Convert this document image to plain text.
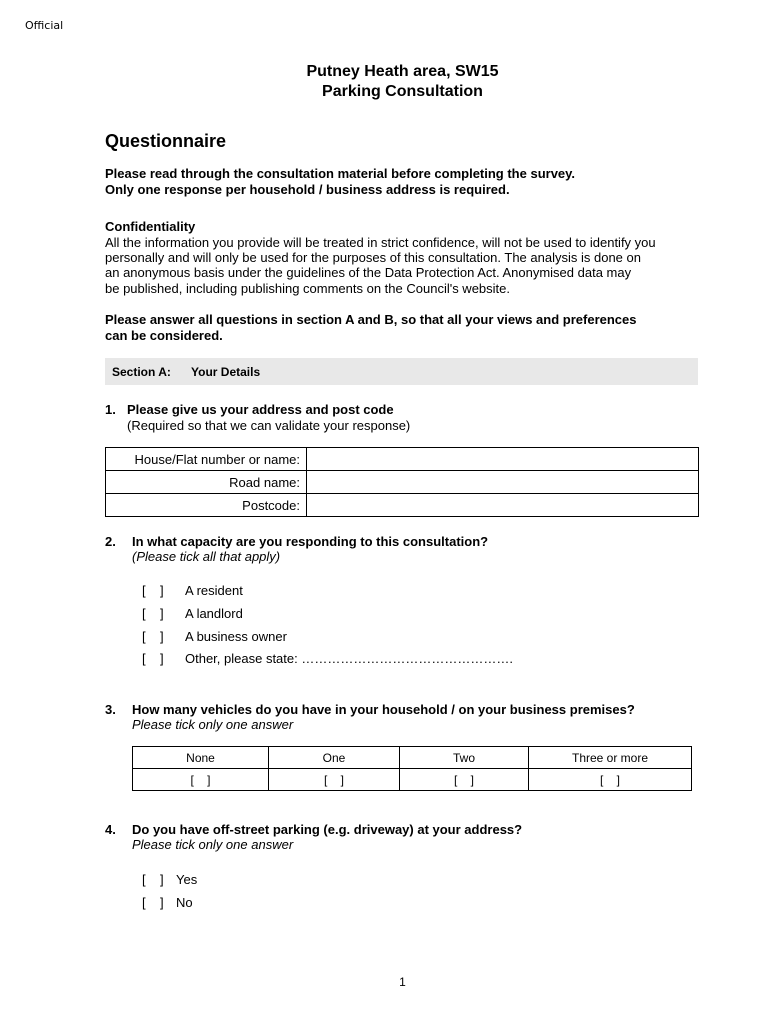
Official
Putney Heath area, SW15
Parking Consultation
Questionnaire
Please read through the consultation material before completing the survey.
Only one response per household / business address is required.
Confidentiality
All the information you provide will be treated in strict confidence, will not be used to identify you
personally and will only be used for the purposes of this consultation. The analysis is done on
an anonymous basis under the guidelines of the Data Protection Act. Anonymised data may
be published, including publishing comments on the Council's website.
Please answer all questions in section A and B, so that all your views and preferences
can be considered.
Section A: Your Details
1. Please give us your address and post code
(Required so that we can validate your response)
House/Flat number or name:	
Road name:	
Postcode:	
2. In what capacity are you responding to this consultation?
(Please tick all that apply)
[    ] A resident
[    ] A landlord
[    ] A business owner
[    ] Other, please state: ………………………………………….
3. How many vehicles do you have in your household / on your business premises?
Please tick only one answer
None	One	Two	Three or more
[    ]	[    ]	[    ]	[    ]
4. Do you have off-street parking (e.g. driveway) at your address?
Please tick only one answer
[    ] Yes
[    ] No
1
